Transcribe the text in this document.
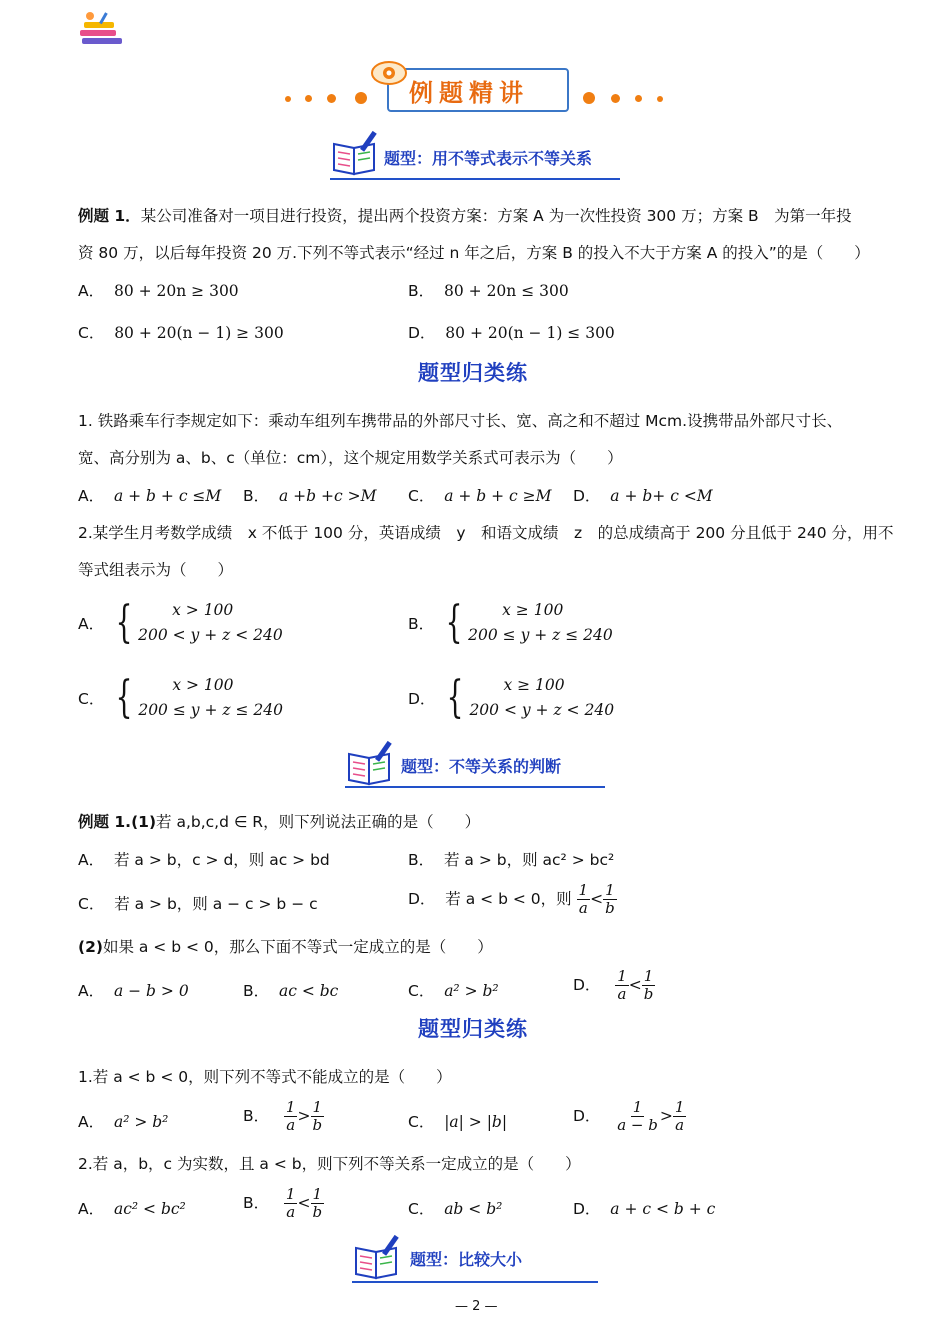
例题精讲
题型：用不等式表示不等关系
例题 1．某公司准备对一项目进行投资，提出两个投资方案：方案 A 为一次性投资 300 万；方案 B　为第一年投
资 80 万，以后每年投资 20 万.下列不等式表示“经过 n 年之后，方案 B 的投入不大于方案 A 的投入”的是（　　）
A． 80 + 20n ≥ 300	B． 80 + 20n ≤ 300
C． 80 + 20(n − 1) ≥ 300	D． 80 + 20(n − 1) ≤ 300
题型归类练
1. 铁路乘车行李规定如下：乘动车组列车携带品的外部尺寸长、宽、高之和不超过 Mcm.设携带品外部尺寸长、
宽、高分别为 a、b、c（单位：cm），这个规定用数学关系式可表示为（　　）
A． a + b + c ≤M B． a +b +c >M C． a + b + c ≥M D． a + b+ c <M
2.某学生月考数学成绩　x 不低于 100 分，英语成绩　y　和语文成绩　z　的总成绩高于 200 分且低于 240 分，用不
等式组表示为（　　）
A． {	x > 100
200 < y + z < 240
B． {	x ≥ 100
200 ≤ y + z ≤ 240
C． {	x > 100
200 ≤ y + z ≤ 240
D． {	x ≥ 100
200 < y + z < 240
题型：不等关系的判断
例题 1.(1)若 a,b,c,d ∈ R，则下列说法正确的是（　　）
A． 若 a > b，c > d，则 ac > bd	B． 若 a > b，则 ac² > bc²
C． 若 a > b，则 a − c > b − c	D． 若 a < b < 0，则 $\frac{1}{a} < \frac{1}{b}$
(2)如果 a < b < 0，那么下面不等式一定成立的是（　　）
A． a − b > 0	B． ac < bc	C． a² > b²	D． $\frac{1}{a} < \frac{1}{b}$
题型归类练
1.若 a < b < 0，则下列不等式不能成立的是（　　）
A． a² > b²	B． $\frac{1}{a} > \frac{1}{b}$	C． |a| > |b|	D． $\frac{1}{a - b} > \frac{1}{a}$
2.若 a，b，c 为实数，且 a < b，则下列不等关系一定成立的是（　　）
A． ac² < bc²	B． $\frac{1}{a} < \frac{1}{b}$	C． ab < b²	D． a + c < b + c
题型：比较大小
— 2 —
